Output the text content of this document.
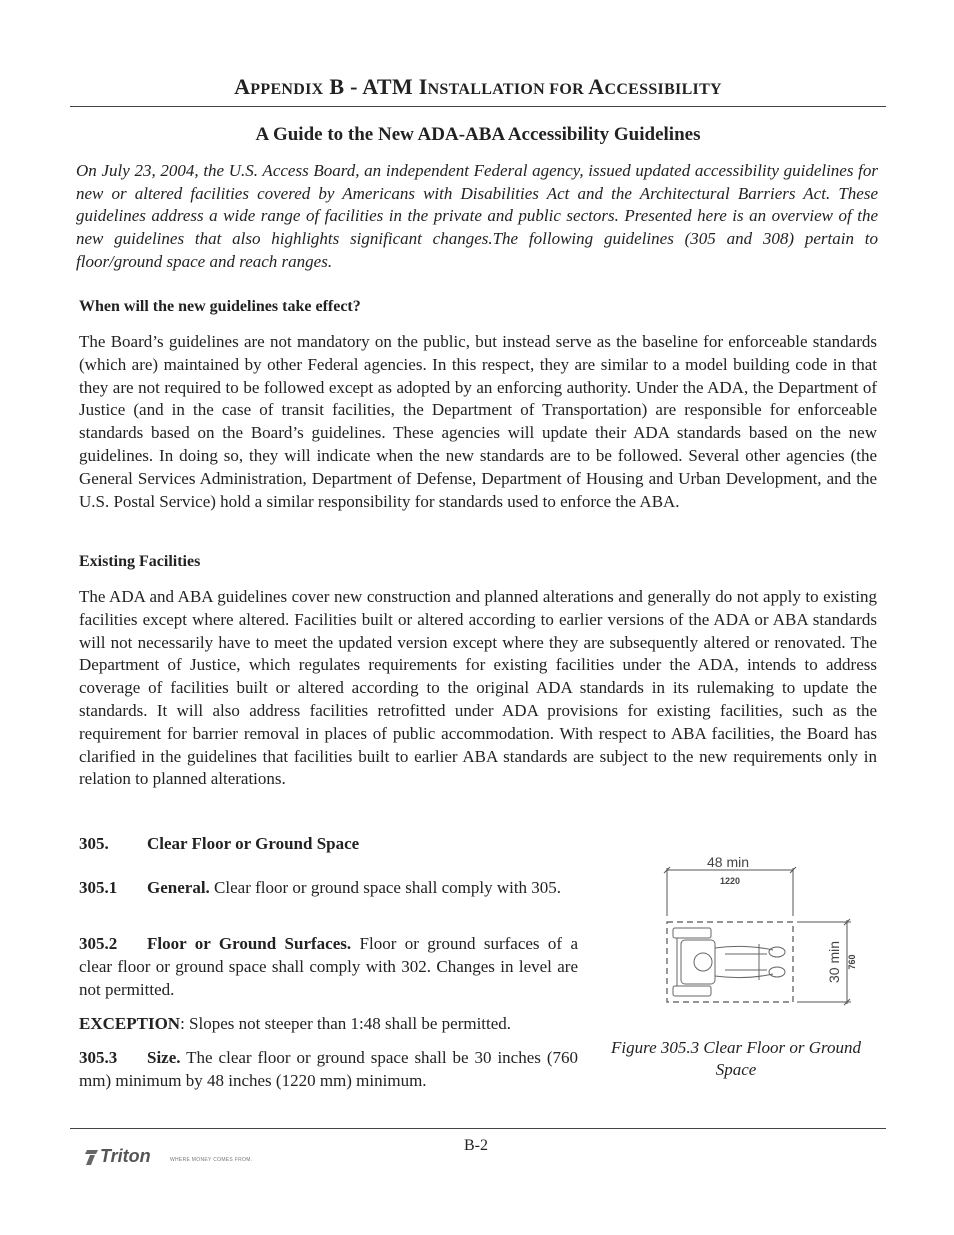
APPENDIX B - ATM INSTALLATION FOR ACCESSIBILITY
A Guide to the New ADA-ABA Accessibility Guidelines
On July 23, 2004, the U.S. Access Board, an independent Federal agency, issued updated accessibility guidelines for new or altered facilities covered by Americans with Disabilities Act and the Architectural Barriers Act. These guidelines address a wide range of facilities in the private and public sectors. Presented here is an overview of the new guidelines that also highlights significant changes.The following guidelines (305 and 308) pertain to floor/ground space and reach ranges.
When will the new guidelines take effect?
The Board’s guidelines are not mandatory on the public, but instead serve as the baseline for enforceable standards (which are) maintained by other Federal agencies. In this respect, they are similar to a model building code in that they are not required to be followed except as adopted by an enforcing authority. Under the ADA, the Department of Justice (and in the case of transit facilities, the Department of Transportation) are responsible for enforceable standards based on the Board’s guidelines. These agencies will update their ADA standards based on the new guidelines. In doing so, they will indicate when the new standards are to be followed. Several other agencies (the General Services Administration, Department of Defense, Department of Housing and Urban Development, and the U.S. Postal Service) hold a similar responsibility for standards used to enforce the ABA.
Existing Facilities
The ADA and ABA guidelines cover new construction and planned alterations and generally do not apply to existing facilities except where altered. Facilities built or altered according to earlier versions of the ADA or ABA standards will not necessarily have to meet the updated version except where they are subsequently altered or renovated. The Department of Justice, which regulates requirements for existing facilities under the ADA, intends to address coverage of facilities built or altered according to the original ADA standards in its rulemaking to update the standards. It will also address facilities retrofitted under ADA provisions for existing facilities, such as the requirement for barrier removal in places of public accommodation. With respect to ABA facilities, the Board has clarified in the guidelines that facilities built to earlier ABA standards are subject to the new requirements only in relation to planned alterations.
305. Clear Floor or Ground Space
305.1 General. Clear floor or ground space shall comply with 305.
305.2 Floor or Ground Surfaces. Floor or ground surfaces of a clear floor or ground space shall comply with 302. Changes in level are not permitted.
EXCEPTION: Slopes not steeper than 1:48 shall be permitted.
305.3 Size. The clear floor or ground space shall be 30 inches (760 mm) minimum by 48 inches (1220 mm) minimum.
48 min
1220
30 min 760
Figure 305.3 Clear Floor or Ground Space
B-2
Triton	WHERE MONEY COMES FROM.
